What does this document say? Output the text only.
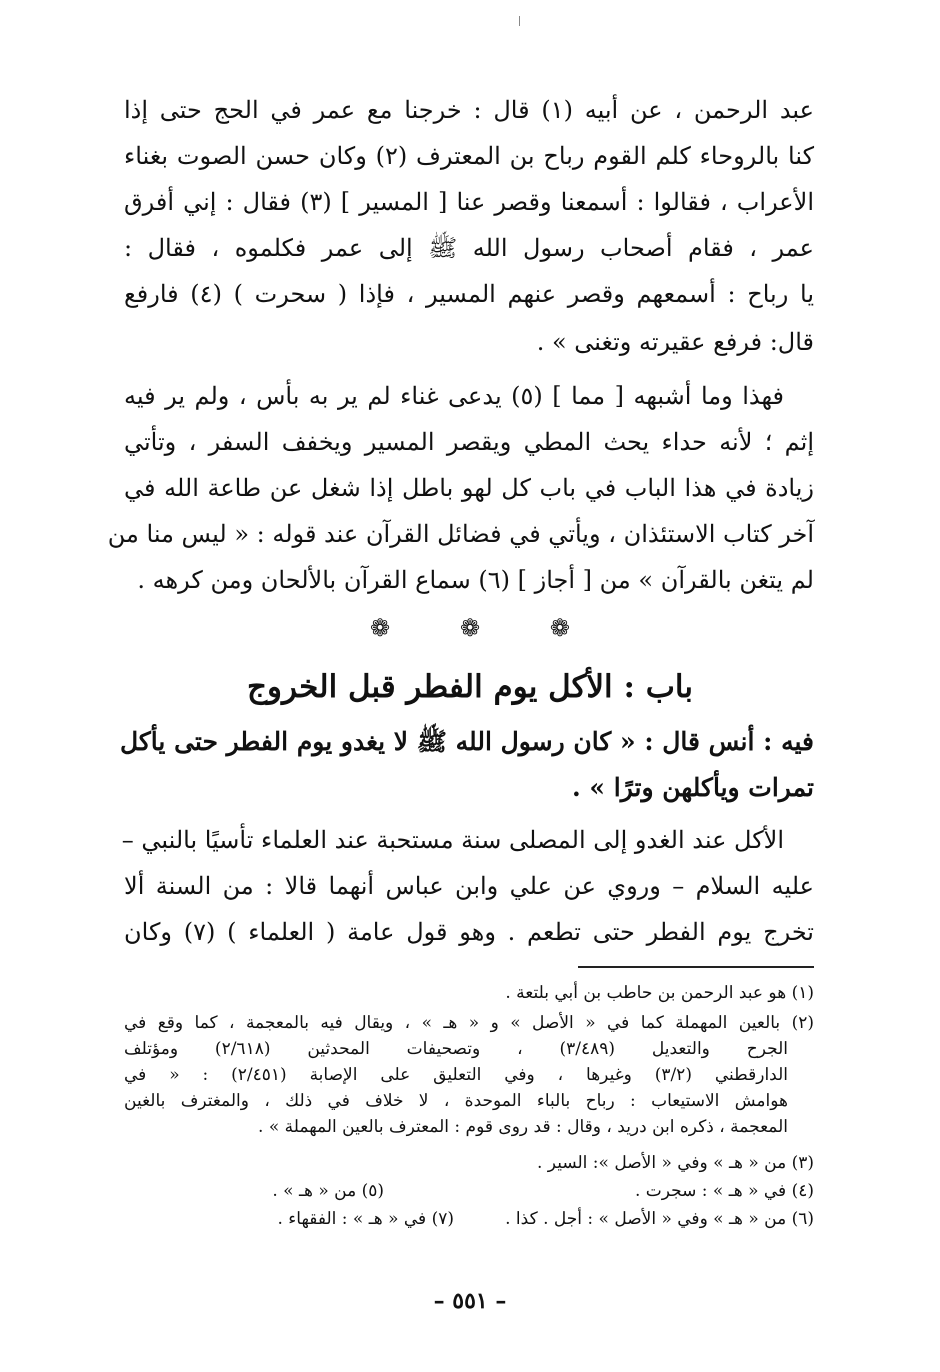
عبد الرحمن ، عن أبيه (١) قال : خرجنا مع عمر في الحج حتى إذا
كنا بالروحاء كلم القوم رباح بن المعترف (٢) وكان حسن الصوت بغناء
الأعراب ، فقالوا : أسمعنا وقصر عنا [ المسير ] (٣) فقال : إني أفرق
عمر ، فقام أصحاب رسول الله ﷺ إلى عمر فكلموه ، فقال :
يا رباح : أسمعهم وقصر عنهم المسير ، فإذا ( سحرت ) (٤) فارفع
قال: فرفع عقيرته وتغنى » .
فهذا وما أشبهه [ مما ] (٥) يدعى غناء لم ير به بأس ، ولم ير فيه
إثم ؛ لأنه حداء يحث المطي ويقصر المسير ويخفف السفر ، وتأتي
زيادة في هذا الباب في باب كل لهو باطل إذا شغل عن طاعة الله في
آخر كتاب الاستئذان ، ويأتي في فضائل القرآن عند قوله : « ليس منا من
لم يتغن بالقرآن » من [ أجاز ] (٦) سماع القرآن بالألحان ومن كرهه .
❁	❁	❁
باب : الأكل يوم الفطر قبل الخروج
فيه : أنس قال : « كان رسول الله ﷺ لا يغدو يوم الفطر حتى يأكل
تمرات ويأكلهن وترًا » .
الأكل عند الغدو إلى المصلى سنة مستحبة عند العلماء تأسيًا بالنبي –
عليه السلام – وروي عن علي وابن عباس أنهما قالا : من السنة ألا
تخرج يوم الفطر حتى تطعم . وهو قول عامة ( العلماء ) (٧) وكان
(١) هو عبد الرحمن بن حاطب بن أبي بلتعة .
(٢) بالعين المهملة كما في « الأصل » و « هـ » ، ويقال فيه بالمعجمة ، كما وقع في
الجرح والتعديل (٣/٤٨٩) ، وتصحيفات المحدثين (٢/٦١٨) ومؤتلف
الدارقطني (٣/٢) وغيرها ، وفي التعليق على الإصابة (٢/٤٥١) : « في
هوامش الاستيعاب : رباح بالباء الموحدة ، لا خلاف في ذلك ، والمغترف بالغين
المعجمة ، ذكره ابن دريد ، وقال : قد روى قوم : المعترف بالعين المهملة » .
(٣) من « هـ » وفي « الأصل »: السير .
(٤) في « هـ » : سجرت .
(٥) من « هـ » .
(٦) من « هـ » وفي « الأصل » : أجل . كذا .
(٧) في « هـ » : الفقهاء .
– ٥٥١ –
